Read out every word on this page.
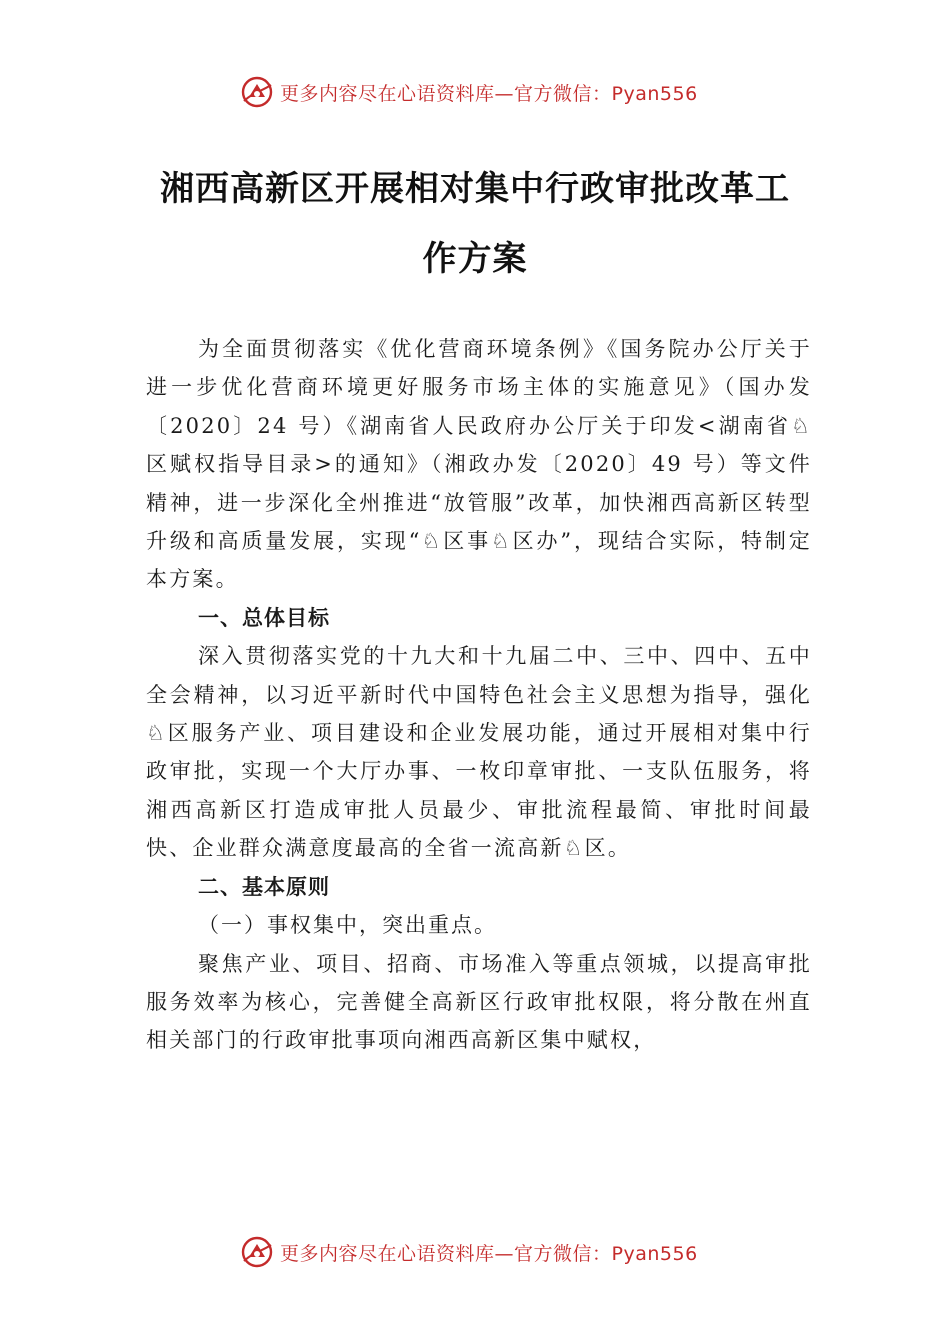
更多内容尽在心语资料库—官方微信：Pyan556
湘西高新区开展相对集中行政审批改革工
作方案

为全面贯彻落实《优化营商环境条例》《国务院办公厅关于进一步优化营商环境更好服务市场主体的实施意见》（国办发〔2020〕24 号）《湖南省人民政府办公厅关于印发<湖南省♘区赋权指导目录>的通知》（湘政办发〔2020〕49 号）等文件精神，进一步深化全州推进“放管服”改革，加快湘西高新区转型升级和高质量发展，实现“♘区事♘区办”，现结合实际，特制定本方案。

一、总体目标

深入贯彻落实党的十九大和十九届二中、三中、四中、五中全会精神，以习近平新时代中国特色社会主义思想为指导，强化♘区服务产业、项目建设和企业发展功能，通过开展相对集中行政审批，实现一个大厅办事、一枚印章审批、一支队伍服务，将湘西高新区打造成审批人员最少、审批流程最简、审批时间最快、企业群众满意度最高的全省一流高新♘区。

二、基本原则

（一）事权集中，突出重点。

聚焦产业、项目、招商、市场准入等重点领城，以提高审批服务效率为核心，完善健全高新区行政审批权限，将分散在州直相关部门的行政审批事项向湘西高新区集中赋权，

更多内容尽在心语资料库—官方微信：Pyan556
